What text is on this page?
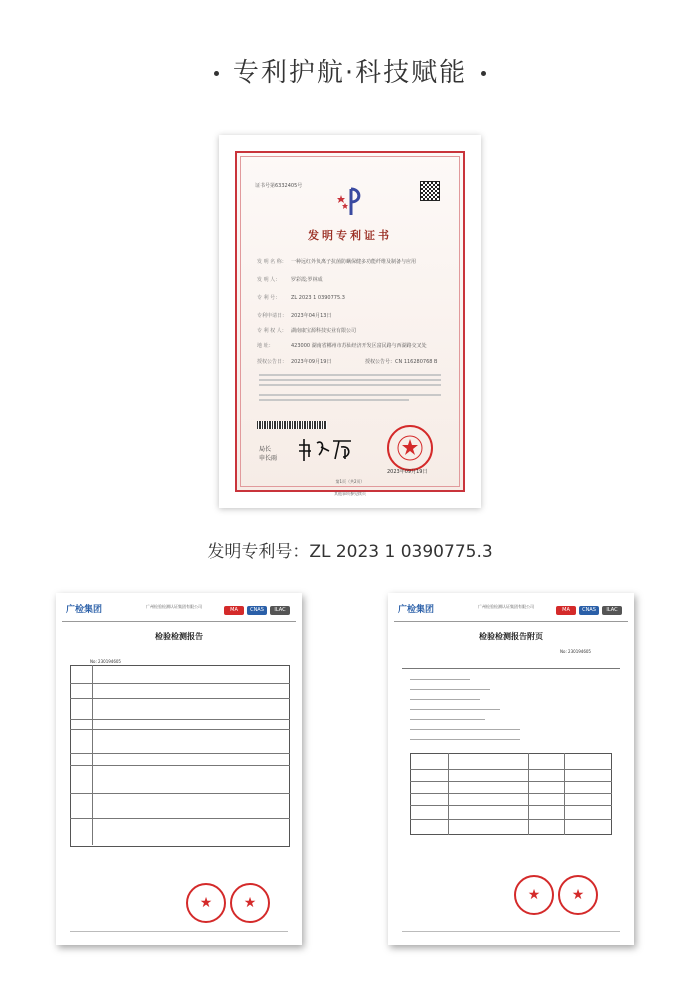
专利护航·科技赋能
证书号第6332405号
发明专利证书
发 明 名 称： 一种远红外负离子抗菌防螨保健多功能纤维及制备与应用
发 明 人： 罗彩霞;罗林成
专 利 号： ZL 2023 1 0390775.3
专利申请日： 2023年04月13日
专 利 权 人： 湖南康宝源科技实业有限公司
地 址：	423000 湖南省郴州市苏仙经济开发区富民路与西湖路交叉处
授权公告日： 2023年09月19日	授权公告号：CN 116280768 B
局长
申长雨
2023年09月19日
第1页（共2页）
其他事项参见续页
发明专利号：ZL 2023 1 0390775.3
广检集团	广州检验检测认证集团有限公司
MA	CNAS	ILAC
检验检测报告
No: 230194605
★	★
广检集团	广州检验检测认证集团有限公司
MA	CNAS	ILAC
检验检测报告附页
No: 230194605
★	★
